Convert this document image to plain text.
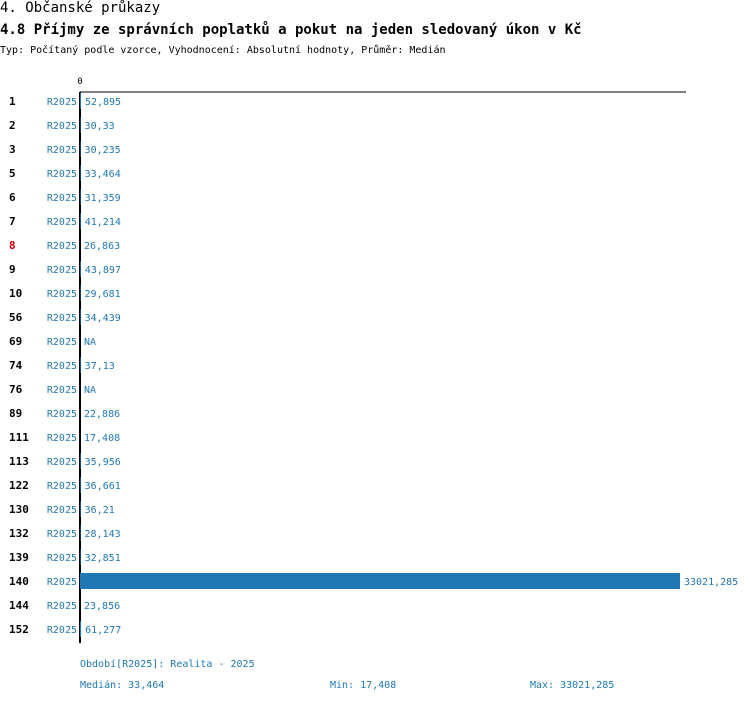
4. Občanské průkazy
4.8 Příjmy ze správních poplatků a pokut na jeden sledovaný úkon v Kč
Typ: Počítaný podle vzorce, Vyhodnocení: Absolutní hodnoty, Průměr: Medián
0
1	R2025 52,895
2	R2025 30,33
3	R2025 30,235
5	R2025 33,464
6	R2025 31,359
7	R2025 41,214
8	R2025 26,863
9	R2025 43,897
10 R2025 29,681
56 R2025 34,439
69 R2025 NA
74 R2025 37,13
76 R2025 NA
89 R2025 22,886
111 R2025 17,408
113 R2025 35,956
122 R2025 36,661
130 R2025 36,21
132 R2025 28,143
139 R2025 32,851
140 R2025	33021,285
144 R2025 23,856
152 R2025 61,277
Období[R2025]: Realita - 2025
Medián: 33,464	Min: 17,408	Max: 33021,285
